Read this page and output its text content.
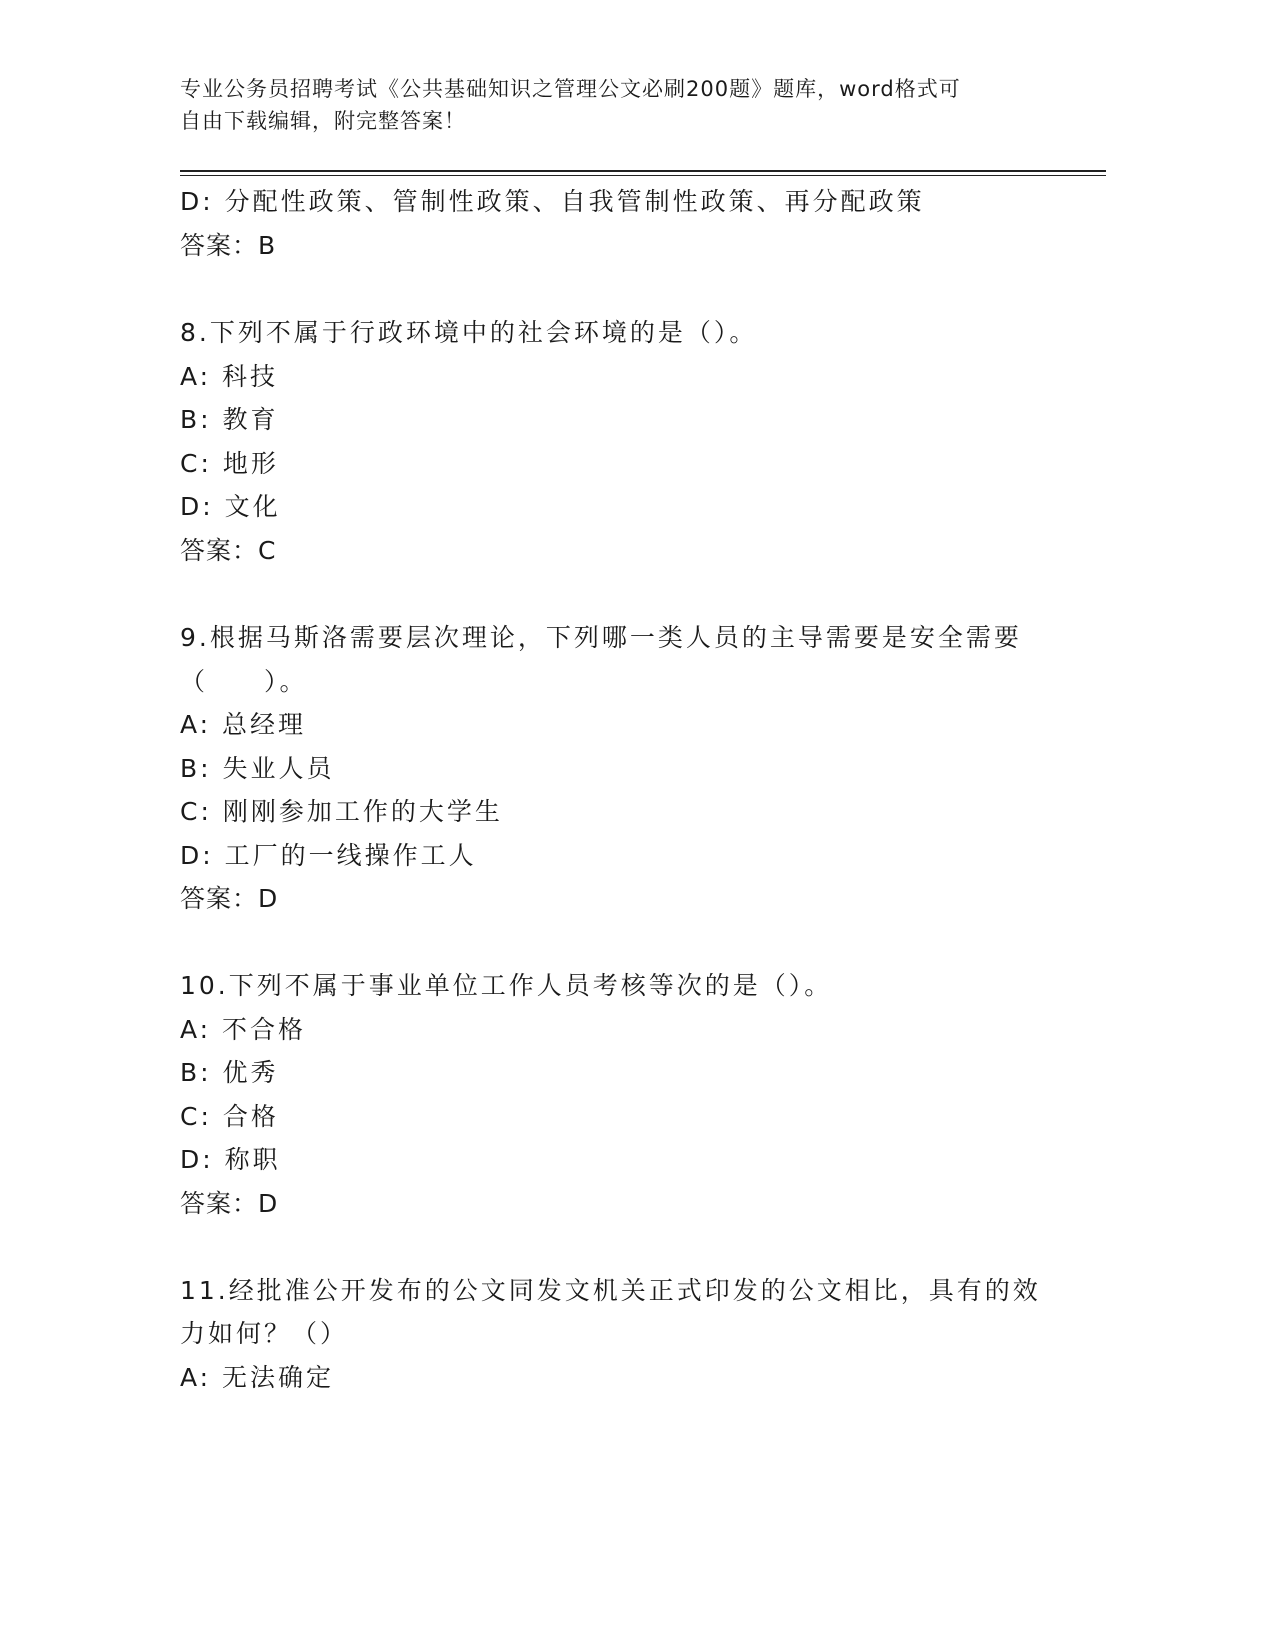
专业公务员招聘考试《公共基础知识之管理公文必刷200题》题库，word格式可
自由下载编辑，附完整答案！
D: 分配性政策、管制性政策、自我管制性政策、再分配政策
答案：B
8.下列不属于行政环境中的社会环境的是（）。
A: 科技
B: 教育
C: 地形
D: 文化
答案：C
9.根据马斯洛需要层次理论，下列哪一类人员的主导需要是安全需要
（　　）。
A: 总经理
B: 失业人员
C: 刚刚参加工作的大学生
D: 工厂的一线操作工人
答案：D
10.下列不属于事业单位工作人员考核等次的是（）。
A: 不合格
B: 优秀
C: 合格
D: 称职
答案：D
11.经批准公开发布的公文同发文机关正式印发的公文相比，具有的效
力如何？（）
A: 无法确定
